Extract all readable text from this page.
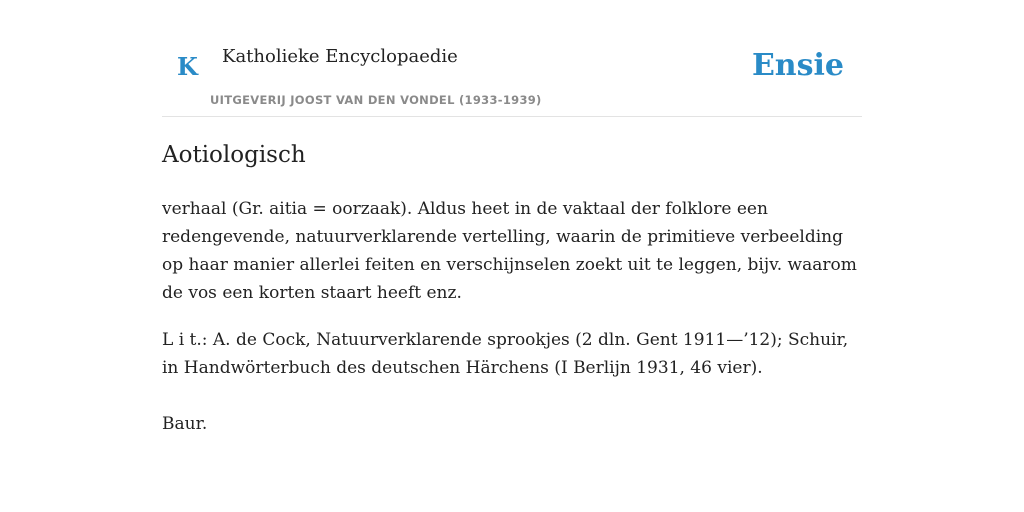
K Katholieke Encyclopaedie
UITGEVERIJ JOOST VAN DEN VONDEL (1933-1939)
Ensie
Aotiologisch

verhaal (Gr. aitia = oorzaak). Aldus heet in de vaktaal der folklore een redengevende, natuurverklarende vertelling, waarin de primitieve verbeelding op haar manier allerlei feiten en verschijnselen zoekt uit te leggen, bijv. waarom de vos een korten staart heeft enz.

L i t.: A. de Cock, Natuurverklarende sprookjes (2 dln. Gent 1911—’12); Schuir, in Handwörterbuch des deutschen Härchens (I Berlijn 1931, 46 vier).

Baur.
